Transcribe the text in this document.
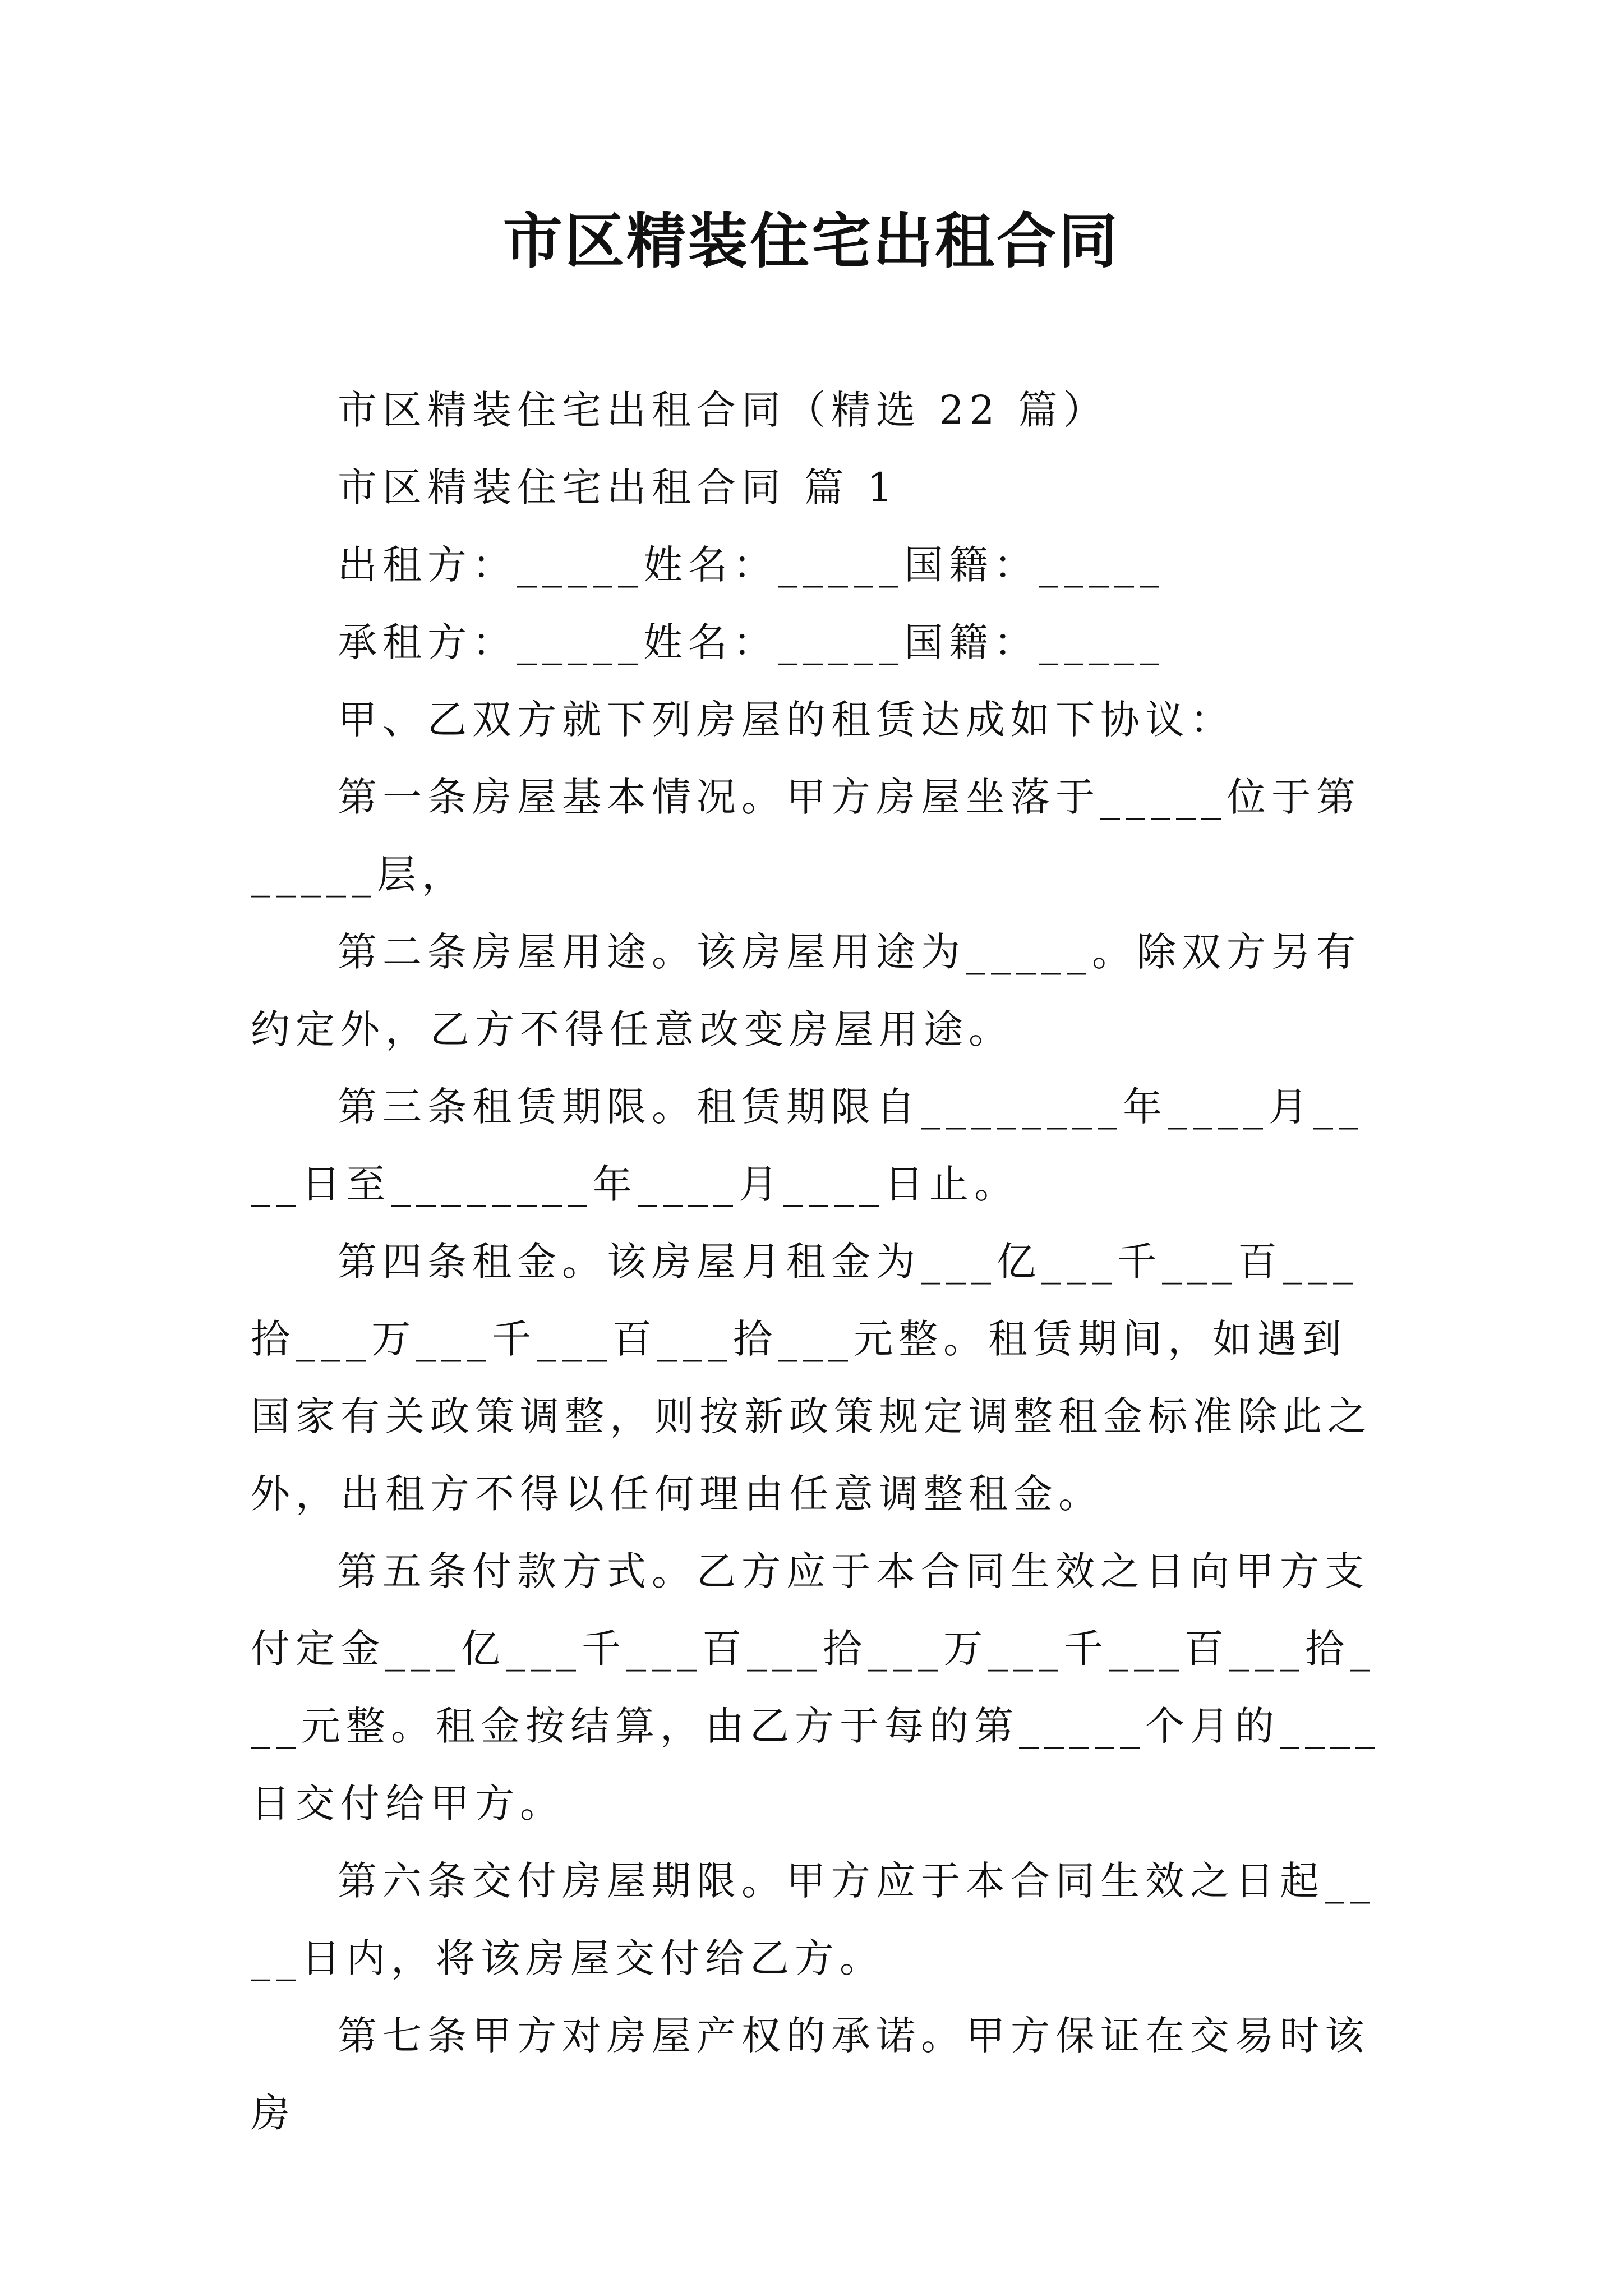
市区精装住宅出租合同

市区精装住宅出租合同（精选 22 篇）

市区精装住宅出租合同 篇 1

出租方：_____姓名：_____国籍：_____

承租方：_____姓名：_____国籍：_____

甲、乙双方就下列房屋的租赁达成如下协议：

第一条房屋基本情况。甲方房屋坐落于_____位于第_____层，

第二条房屋用途。该房屋用途为_____。除双方另有约定外，乙方不得任意改变房屋用途。

第三条租赁期限。租赁期限自________年____月____日至________年____月____日止。

第四条租金。该房屋月租金为___亿___千___百___拾___万___千___百___拾___元整。租赁期间，如遇到国家有关政策调整，则按新政策规定调整租金标准除此之外，出租方不得以任何理由任意调整租金。

第五条付款方式。乙方应于本合同生效之日向甲方支付定金___亿___千___百___拾___万___千___百___拾___元整。租金按结算，由乙方于每的第_____个月的____日交付给甲方。

第六条交付房屋期限。甲方应于本合同生效之日起____日内，将该房屋交付给乙方。

第七条甲方对房屋产权的承诺。甲方保证在交易时该房
